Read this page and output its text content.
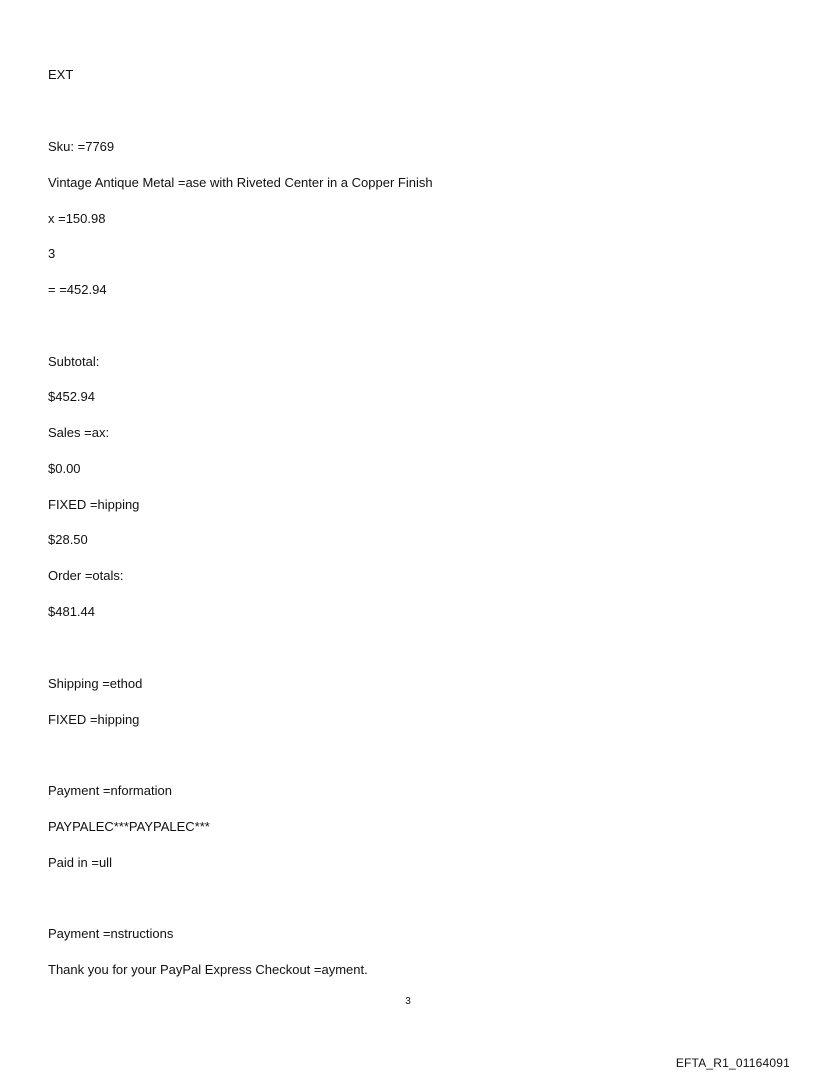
EXT
Sku: =7769
Vintage Antique Metal =ase with Riveted Center in a Copper Finish
x =150.98
3
= =452.94
Subtotal:
$452.94
Sales =ax:
$0.00
FIXED =hipping
$28.50
Order =otals:
$481.44
Shipping =ethod
FIXED =hipping
Payment =nformation
PAYPALEC***PAYPALEC***
Paid in =ull
Payment =nstructions
Thank you for your PayPal Express Checkout =ayment.
3
EFTA_R1_01164091
